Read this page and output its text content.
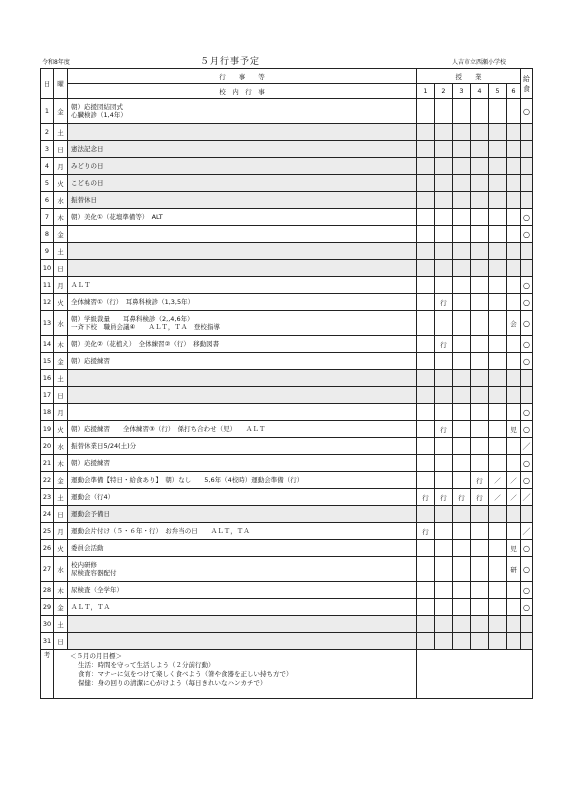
令和8年度	５月行事予定	人吉市立西瀬小学校
日	曜	行　　事　　等	授　　業						給食
		校　内　行　事	1	2	3	4	5	6	
1	金	朝）応援団結団式
心臓検診（1,4年）							○
2	土	

3	日	憲法記念日							

4	月	みどりの日							

5	火	こどもの日							

6	水	振替休日							

7	木	朝）美化①（花壇準備等）　ALT							○
8	金								○
9	土	

10	日	

11	月	ＡＬＴ							○
12	火	全体練習①（行）　耳鼻科検診（1,3,5年）		行					○
13	水	朝）学級裁量　　耳鼻科検診（2,,4,6年）
一斉下校　職員会議④　　ＡＬＴ，ＴＡ　登校指導						会	○
14	木	朝）美化②（花植え）　全体練習②（行）　移動図書		行					○
15	金	朝）応援練習							○
16	土	

17	日	

18	月								○
19	火	朝）応援練習　　全体練習③（行）　係打ち合わせ（児）　　ＡＬＴ		行				児	○
20	水	振替休業日5/24(土)分							／
21	木	朝）応援練習							○
22	金	運動会準備【特日・給食あり】　朝）なし　　5,6年（4校時）運動会準備（行）				行	／	／	○
23	土	運動会（行4）	行	行	行	行	／	／	／
24	日	運動会予備日							

25	月	運動会片付け（５・６年・行）　お弁当の日　　ＡＬＴ，ＴＡ	行						／
26	火	委員会活動						児	○
27	水	校内研修
尿検査容器配付						研	○
28	木	尿検査（全学年）							○
29	金	ＡＬＴ，ＴＡ							○
30	土	

31	日	

考	＜５月の月目標＞
生活：時間を守って生活しよう（２分前行動）
食育：マナーに気をつけて楽しく食べよう（箸や食器を正しい持ち方で）
保健：身の回りの清潔に心がけよう（毎日きれいなハンカチで）								
